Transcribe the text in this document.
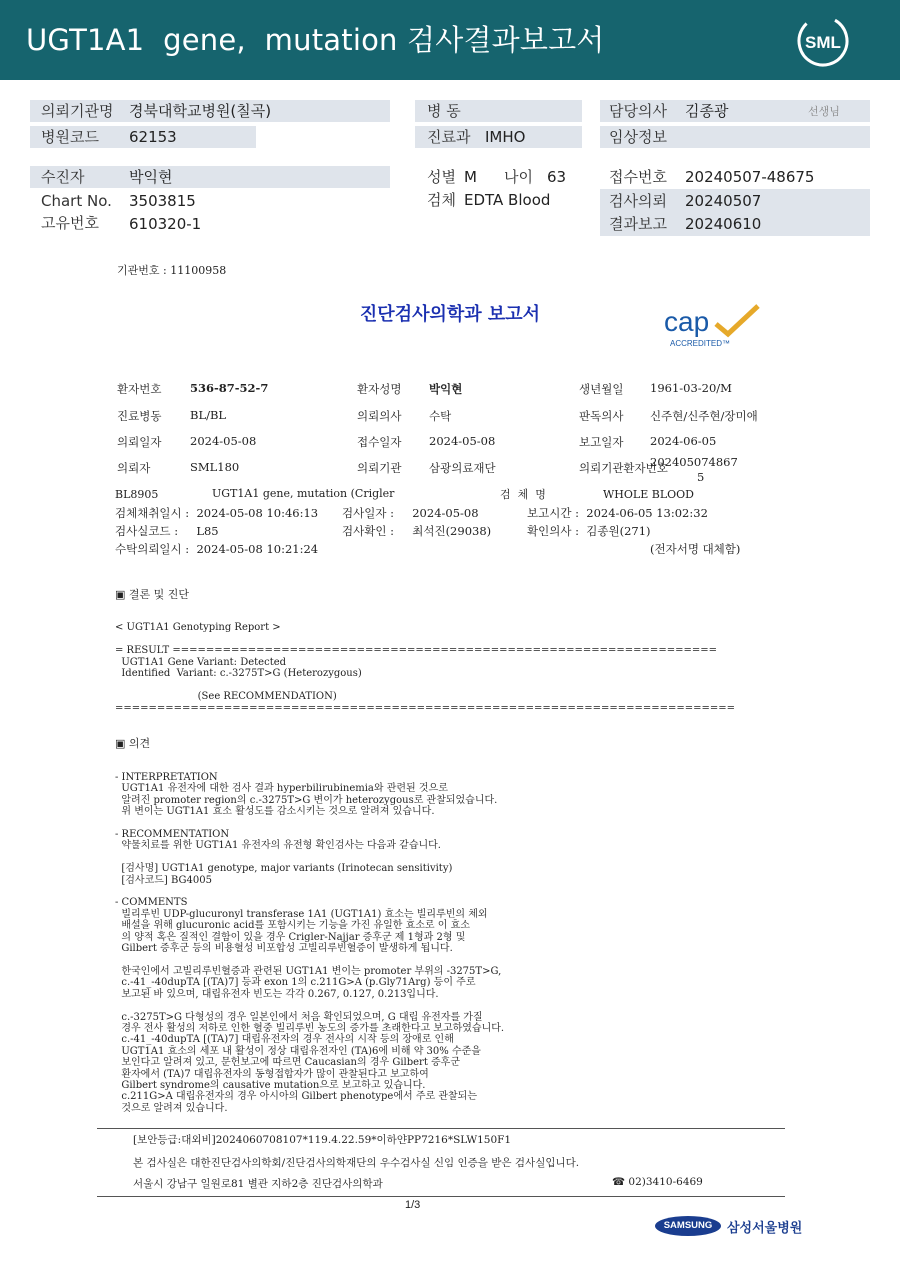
UGT1A1  gene,  mutation 검사결과보고서	SML
의뢰기관명 경북대학교병원(칠곡)
병원코드 62153
병 동
진료과 IMHO
담당의사 김종광	선생님
임상정보
수진자	박익현
Chart No. 3503815
고유번호 610320-1
성별 M 나이 63
검체 EDTA Blood
접수번호 20240507-48675
검사의뢰 20240507
결과보고 20240610
기관번호 : 11100958
진단검사의학과 보고서	cap
ACCREDITED™
환자번호 536-87-52-7	환자성명 박익현	생년월일 1961-03-20/M
진료병동 BL/BL	의뢰의사 수탁	판독의사 신주현/신주현/장미애
의뢰일자 2024-05-08	접수일자 2024-05-08	보고일자 2024-06-05
의뢰자	SML180	의뢰기관 삼광의료재단	의뢰기관환자번호
202405074867
5
BL8905	UGT1A1 gene, mutation (Crigler	검  체  명	WHOLE BLOOD
검체채취일시 :  2024-05-08 10:46:13 검사일자 :     2024-05-08	보고시간 :  2024-06-05 13:02:32
검사실코드 :     L85	검사확인 :     최석진(29038)	확인의사 :  김종원(271)
수탁의뢰일시 :  2024-05-08 10:21:24	(전자서명 대체함)
▣ 결론 및 진단
< UGT1A1 Genotyping Report >

= RESULT =================================================================
UGT1A1 Gene Variant: Detected
Identified  Variant: c.-3275T>G (Heterozygous)

(See RECOMMENDATION)
==========================================================================
▣ 의견
- INTERPRETATION
UGT1A1 유전자에 대한 검사 결과 hyperbilirubinemia와 관련된 것으로
알려진 promoter region의 c.-3275T>G 변이가 heterozygous로 관찰되었습니다.
위 변이는 UGT1A1 효소 활성도를 감소시키는 것으로 알려져 있습니다.

- RECOMMENTATION
약물치료를 위한 UGT1A1 유전자의 유전형 확인검사는 다음과 같습니다.

[검사명] UGT1A1 genotype, major variants (Irinotecan sensitivity)
[검사코드] BG4005

- COMMENTS
빌리루빈 UDP-glucuronyl transferase 1A1 (UGT1A1) 효소는 빌리루빈의 체외
배설을 위해 glucuronic acid를 포함시키는 기능을 가진 유일한 효소로 이 효소
의 양적 혹은 질적인 결함이 있을 경우 Crigler-Najjar 증후군 제 1형과 2형 및
Gilbert 증후군 등의 비용혈성 비포합성 고빌리루빈혈증이 발생하게 됩니다.

한국인에서 고빌리루빈혈증과 관련된 UGT1A1 변이는 promoter 부위의 -3275T>G,
c.-41_-40dupTA [(TA)7] 등과 exon 1의 c.211G>A (p.Gly71Arg) 등이 주로
보고된 바 있으며, 대립유전자 빈도는 각각 0.267, 0.127, 0.213입니다.

c.-3275T>G 다형성의 경우 일본인에서 처음 확인되었으며, G 대립 유전자를 가질
경우 전사 활성의 저하로 인한 혈중 빌리루빈 농도의 증가를 초래한다고 보고하였습니다.
c.-41_-40dupTA [(TA)7] 대립유전자의 경우 전사의 시작 등의 장애로 인해
UGT1A1 효소의 세포 내 활성이 정상 대립유전자인 (TA)6에 비해 약 30% 수준을
보인다고 알려져 있고, 문헌보고에 따르면 Caucasian의 경우 Gilbert 증후군
환자에서 (TA)7 대립유전자의 동형접합자가 많이 관찰된다고 보고하여
Gilbert syndrome의 causative mutation으로 보고하고 있습니다.
c.211G>A 대립유전자의 경우 아시아의 Gilbert phenotype에서 주로 관찰되는
것으로 알려져 있습니다.
[보안등급:대외비]2024060708107*119.4.22.59*이하얀PP7216*SLW150F1
본 검사실은 대한진단검사의학회/진단검사의학재단의 우수검사실 신임 인증을 받은 검사실입니다.
서울시 강남구 일원로81 별관 지하2층 진단검사의학과	☎ 02)3410-6469
1/3
SAMSUNG	삼성서울병원
